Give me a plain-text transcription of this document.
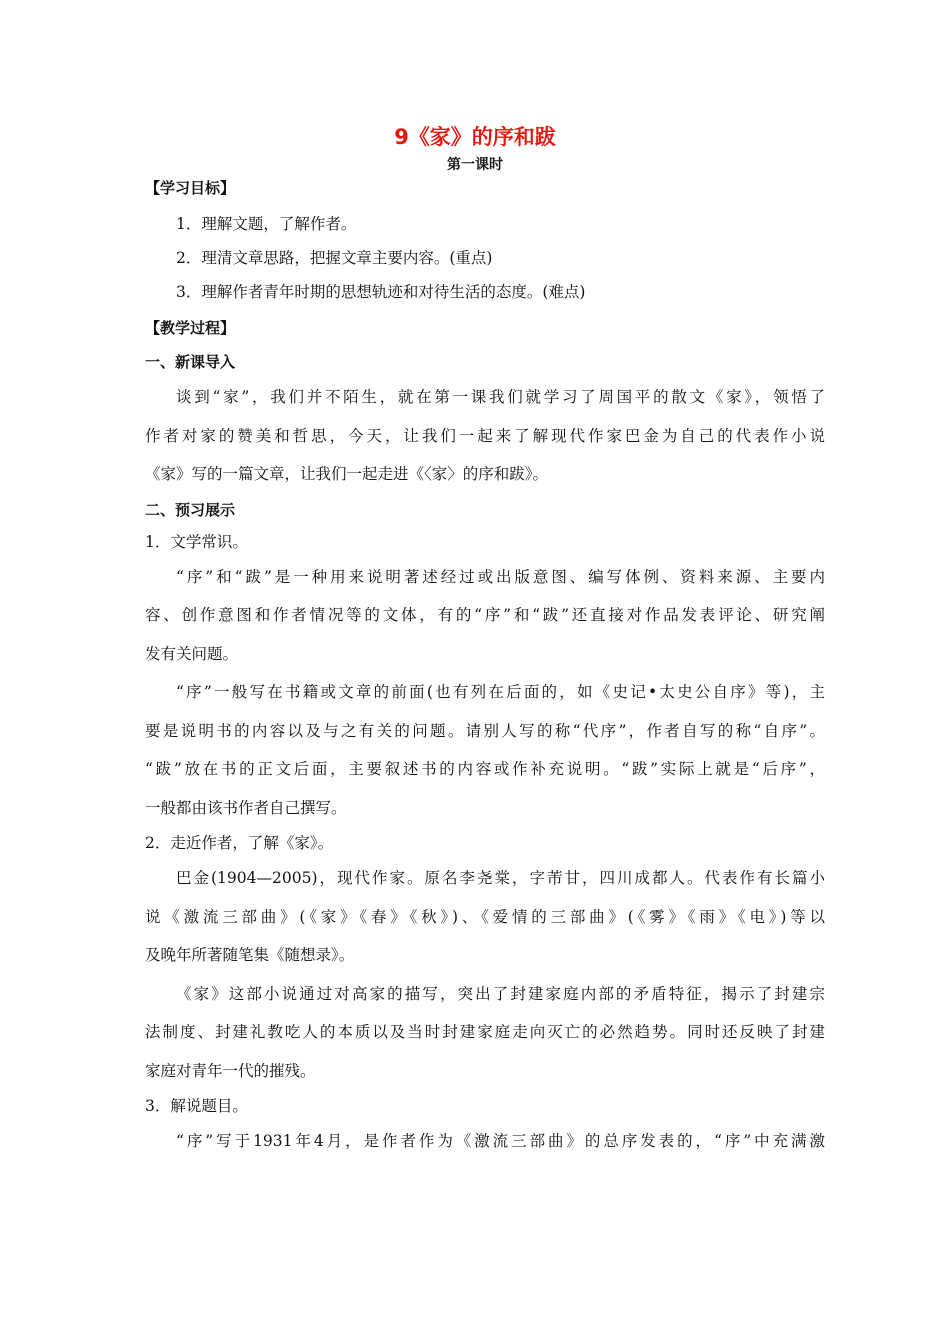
9《家》的序和跋
第一课时
【学习目标】
1．理解文题，了解作者。
2．理清文章思路，把握文章主要内容。(重点)
3．理解作者青年时期的思想轨迹和对待生活的态度。(难点)
【教学过程】
一、新课导入
谈到“家”，我们并不陌生，就在第一课我们就学习了周国平的散文《家》，领悟了
作者对家的赞美和哲思，今天，让我们一起来了解现代作家巴金为自己的代表作小说
《家》写的一篇文章，让我们一起走进《〈家〉的序和跋》。
二、预习展示
1．文学常识。
“序”和“跋”是一种用来说明著述经过或出版意图、编写体例、资料来源、主要内
容、创作意图和作者情况等的文体，有的“序”和“跋”还直接对作品发表评论、研究阐
发有关问题。
“序”一般写在书籍或文章的前面(也有列在后面的，如《史记•太史公自序》等)，主
要是说明书的内容以及与之有关的问题。请别人写的称“代序”，作者自写的称“自序”。
“跋”放在书的正文后面，主要叙述书的内容或作补充说明。“跋”实际上就是“后序”，
一般都由该书作者自己撰写。
2．走近作者，了解《家》。
巴金(1904—2005)，现代作家。原名李尧棠，字芾甘，四川成都人。代表作有长篇小
说《激流三部曲》(《家》《春》《秋》)、《爱情的三部曲》(《雾》《雨》《电》)等以
及晚年所著随笔集《随想录》。
《家》这部小说通过对高家的描写，突出了封建家庭内部的矛盾特征，揭示了封建宗
法制度、封建礼教吃人的本质以及当时封建家庭走向灭亡的必然趋势。同时还反映了封建
家庭对青年一代的摧残。
3．解说题目。
“序”写于1931年4月，是作者作为《激流三部曲》的总序发表的，“序”中充满激
